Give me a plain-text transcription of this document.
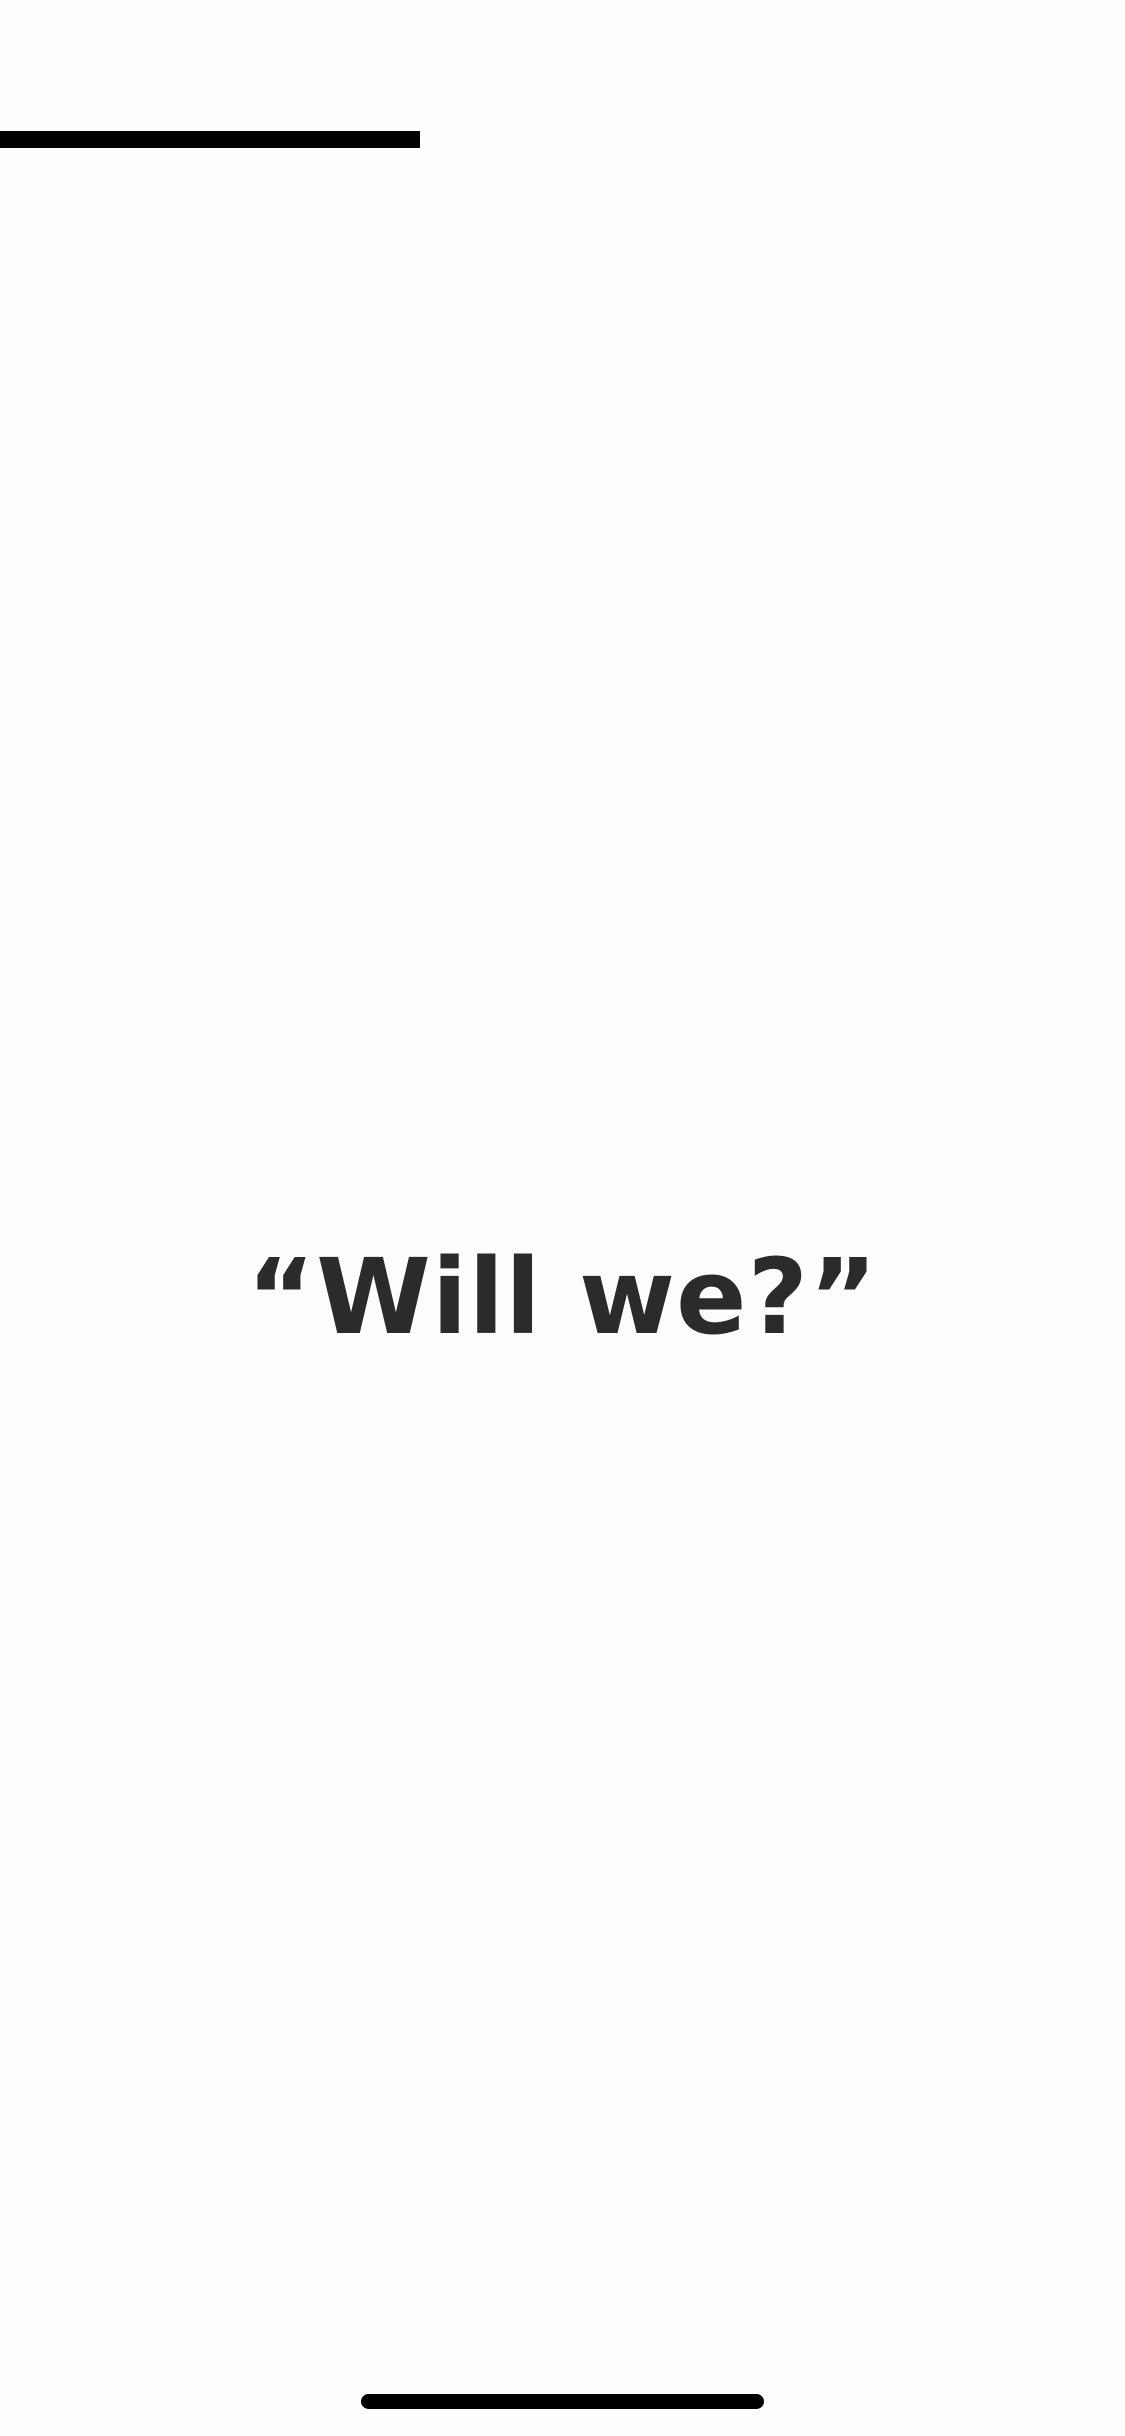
“Will we?”
